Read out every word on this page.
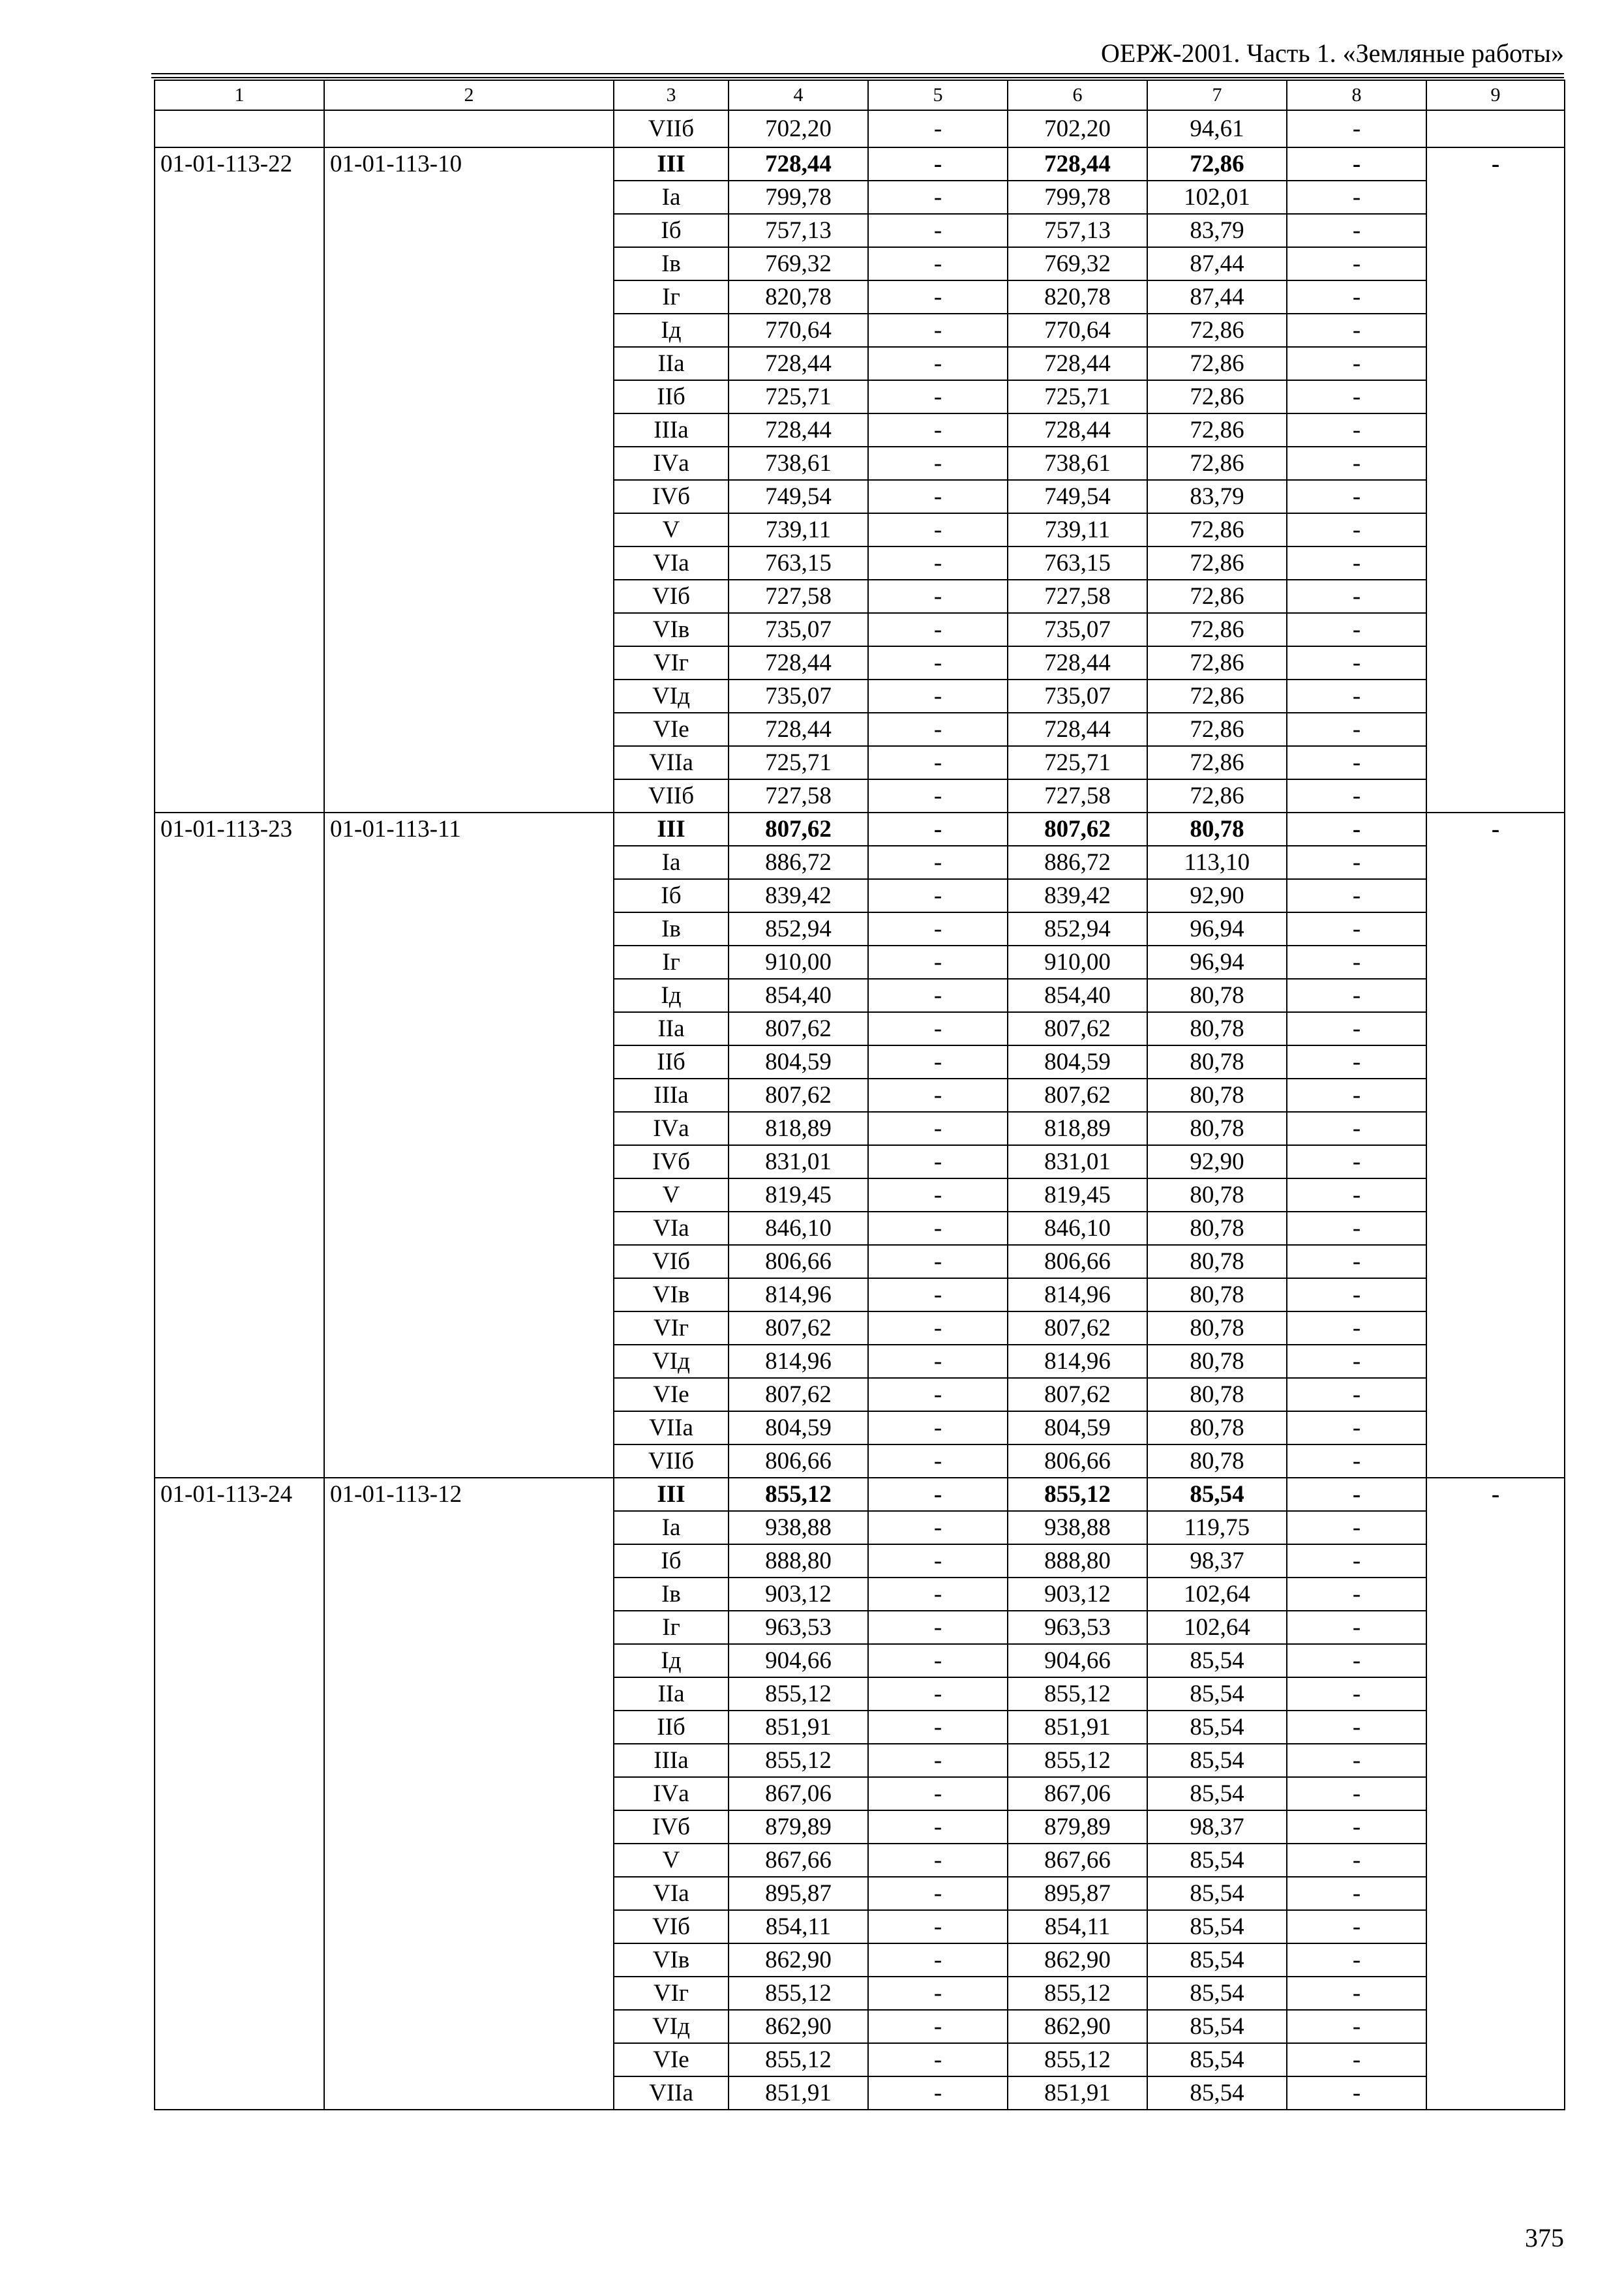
ОЕРЖ-2001. Часть 1. «Земляные работы»
1	2	3	4	5	6	7	8	9
		VIIб	702,20	-	702,20	94,61	-	
01-01-113-22	01-01-113-10	III	728,44	-	728,44	72,86	-	-
		Iа	799,78	-	799,78	102,01	-	
		Iб	757,13	-	757,13	83,79	-	
		Iв	769,32	-	769,32	87,44	-	
		Iг	820,78	-	820,78	87,44	-	
		Iд	770,64	-	770,64	72,86	-	
		IIа	728,44	-	728,44	72,86	-	
		IIб	725,71	-	725,71	72,86	-	
		IIIа	728,44	-	728,44	72,86	-	
		IVа	738,61	-	738,61	72,86	-	
		IVб	749,54	-	749,54	83,79	-	
		V	739,11	-	739,11	72,86	-	
		VIа	763,15	-	763,15	72,86	-	
		VIб	727,58	-	727,58	72,86	-	
		VIв	735,07	-	735,07	72,86	-	
		VIг	728,44	-	728,44	72,86	-	
		VIд	735,07	-	735,07	72,86	-	
		VIе	728,44	-	728,44	72,86	-	
		VIIа	725,71	-	725,71	72,86	-	
		VIIб	727,58	-	727,58	72,86	-	
01-01-113-23	01-01-113-11	III	807,62	-	807,62	80,78	-	-
		Iа	886,72	-	886,72	113,10	-	
		Iб	839,42	-	839,42	92,90	-	
		Iв	852,94	-	852,94	96,94	-	
		Iг	910,00	-	910,00	96,94	-	
		Iд	854,40	-	854,40	80,78	-	
		IIа	807,62	-	807,62	80,78	-	
		IIб	804,59	-	804,59	80,78	-	
		IIIа	807,62	-	807,62	80,78	-	
		IVа	818,89	-	818,89	80,78	-	
		IVб	831,01	-	831,01	92,90	-	
		V	819,45	-	819,45	80,78	-	
		VIа	846,10	-	846,10	80,78	-	
		VIб	806,66	-	806,66	80,78	-	
		VIв	814,96	-	814,96	80,78	-	
		VIг	807,62	-	807,62	80,78	-	
		VIд	814,96	-	814,96	80,78	-	
		VIе	807,62	-	807,62	80,78	-	
		VIIа	804,59	-	804,59	80,78	-	
		VIIб	806,66	-	806,66	80,78	-	
01-01-113-24	01-01-113-12	III	855,12	-	855,12	85,54	-	-
		Iа	938,88	-	938,88	119,75	-	
		Iб	888,80	-	888,80	98,37	-	
		Iв	903,12	-	903,12	102,64	-	
		Iг	963,53	-	963,53	102,64	-	
		Iд	904,66	-	904,66	85,54	-	
		IIа	855,12	-	855,12	85,54	-	
		IIб	851,91	-	851,91	85,54	-	
		IIIа	855,12	-	855,12	85,54	-	
		IVа	867,06	-	867,06	85,54	-	
		IVб	879,89	-	879,89	98,37	-	
		V	867,66	-	867,66	85,54	-	
		VIа	895,87	-	895,87	85,54	-	
		VIб	854,11	-	854,11	85,54	-	
		VIв	862,90	-	862,90	85,54	-	
		VIг	855,12	-	855,12	85,54	-	
		VIд	862,90	-	862,90	85,54	-	
		VIе	855,12	-	855,12	85,54	-	
		VIIа	851,91	-	851,91	85,54	-	
375
